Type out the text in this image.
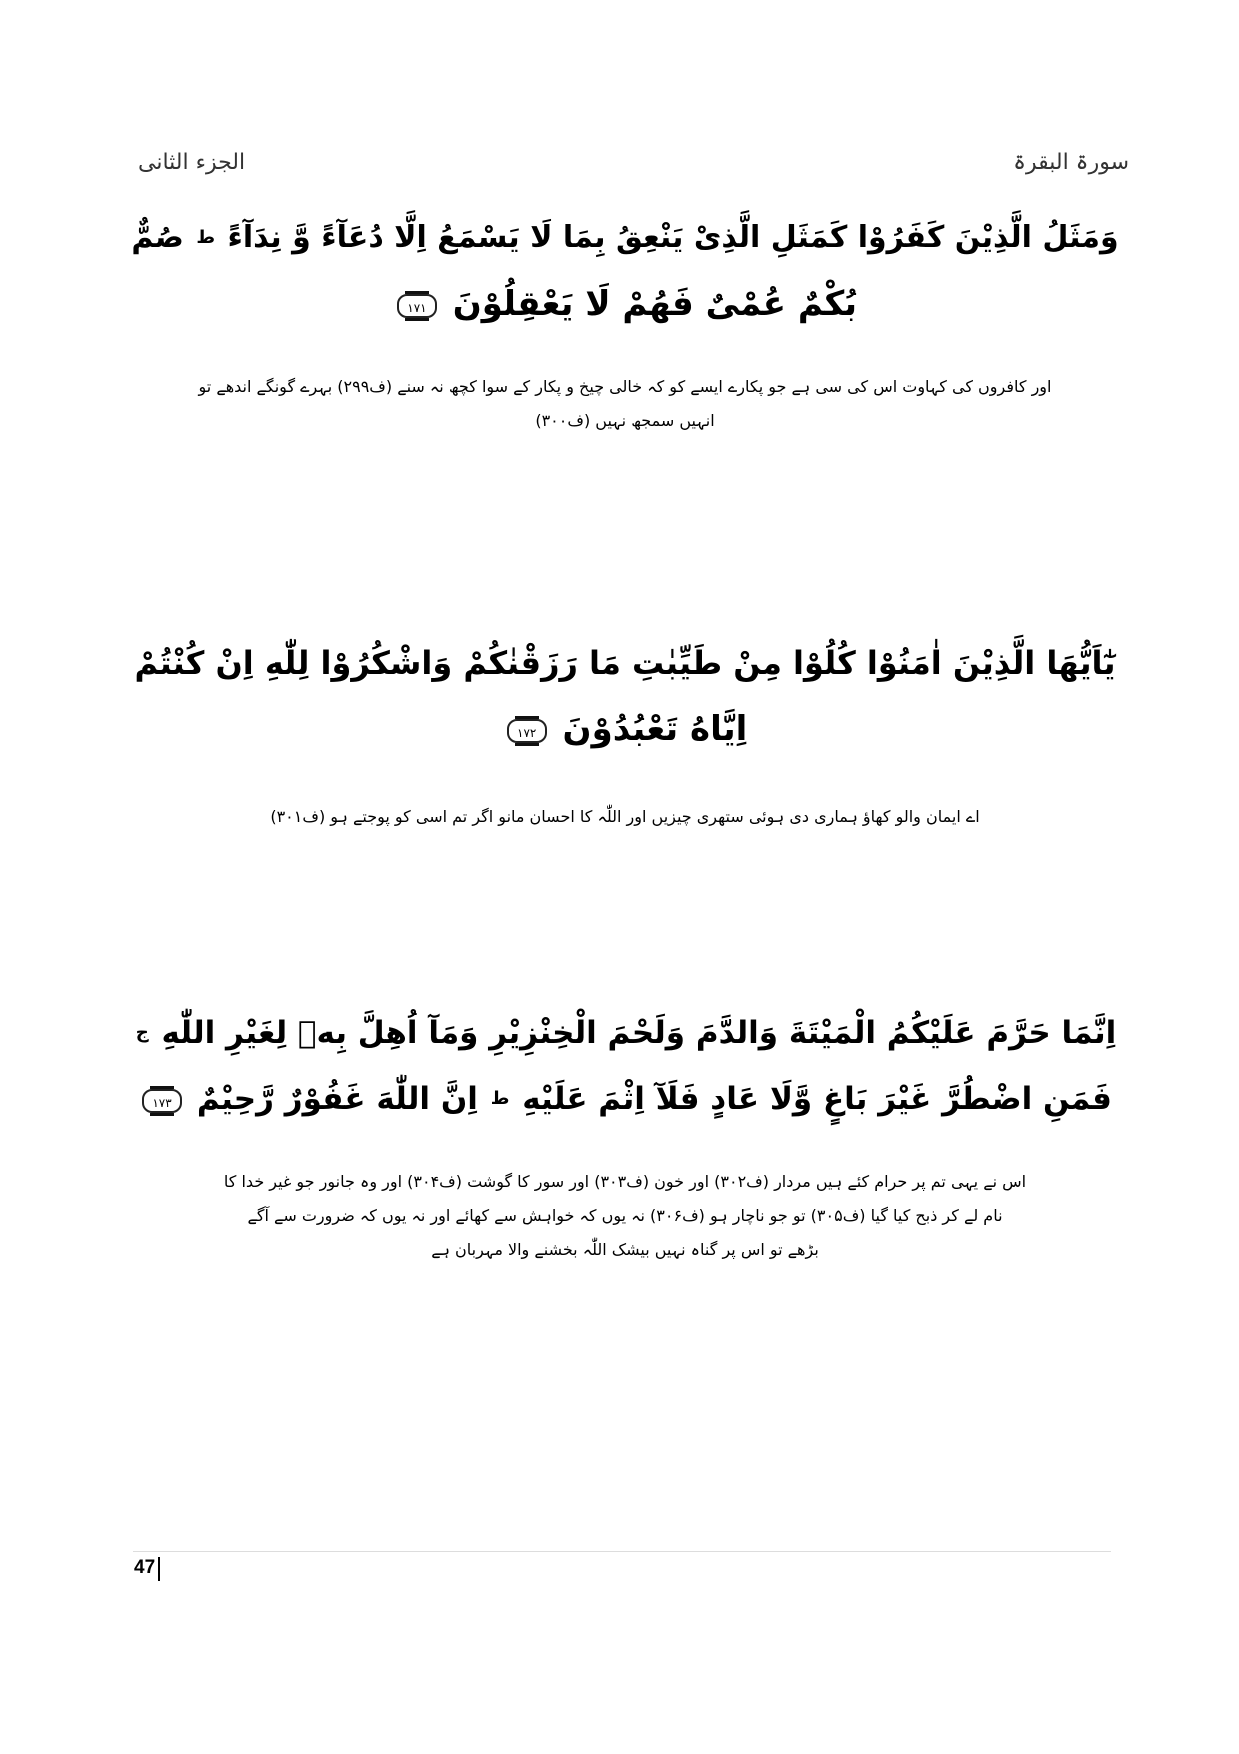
الجزء الثانى	سورۃ البقرۃ
وَمَثَلُ الَّذِيْنَ كَفَرُوْا كَمَثَلِ الَّذِىْ يَنْعِقُ بِمَا لَا يَسْمَعُ اِلَّا دُعَآءً وَّ نِدَآءً $^ط$ صُمٌّ
بُكْمٌ عُمْىٌ فَهُمْ لَا يَعْقِلُوْنَ ١٧١
اور کافروں کی کہاوت اس کی سی ہے جو پکارے ایسے کو کہ خالی چیخ و پکار کے سوا کچھ نہ سنے (ف۲۹۹) بہرے گونگے اندھے تو
انہیں سمجھ نہیں (ف۳۰۰)
يٰٓاَيُّهَا الَّذِيْنَ اٰمَنُوْا كُلُوْا مِنْ طَيِّبٰتِ مَا رَزَقْنٰكُمْ وَاشْكُرُوْا لِلّٰهِ اِنْ كُنْتُمْ
اِيَّاهُ تَعْبُدُوْنَ ١٧٢
اے ایمان والو کھاؤ ہماری دی ہوئی ستھری چیزیں اور اللّٰہ کا احسان مانو اگر تم اسی کو پوجتے ہو (ف۳۰۱)
اِنَّمَا حَرَّمَ عَلَيْكُمُ الْمَيْتَةَ وَالدَّمَ وَلَحْمَ الْخِنْزِيْرِ وَمَآ اُهِلَّ بِهٖ لِغَيْرِ اللّٰهِ $^ج$
فَمَنِ اضْطُرَّ غَيْرَ بَاغٍ وَّلَا عَادٍ فَلَآ اِثْمَ عَلَيْهِ $^ط$ اِنَّ اللّٰهَ غَفُوْرٌ رَّحِيْمٌ ١٧٣
اس نے یہی تم پر حرام کئے ہیں مردار (ف۳۰۲) اور خون (ف۳۰۳) اور سور کا گوشت (ف۳۰۴) اور وہ جانور جو غیر خدا کا
نام لے کر ذبح کیا گیا (ف۳۰۵) تو جو ناچار ہو (ف۳۰۶) نہ یوں کہ خواہش سے کھائے اور نہ یوں کہ ضرورت سے آگے
بڑھے تو اس پر گناہ نہیں بیشک اللّٰہ بخشنے والا مہربان ہے
47
